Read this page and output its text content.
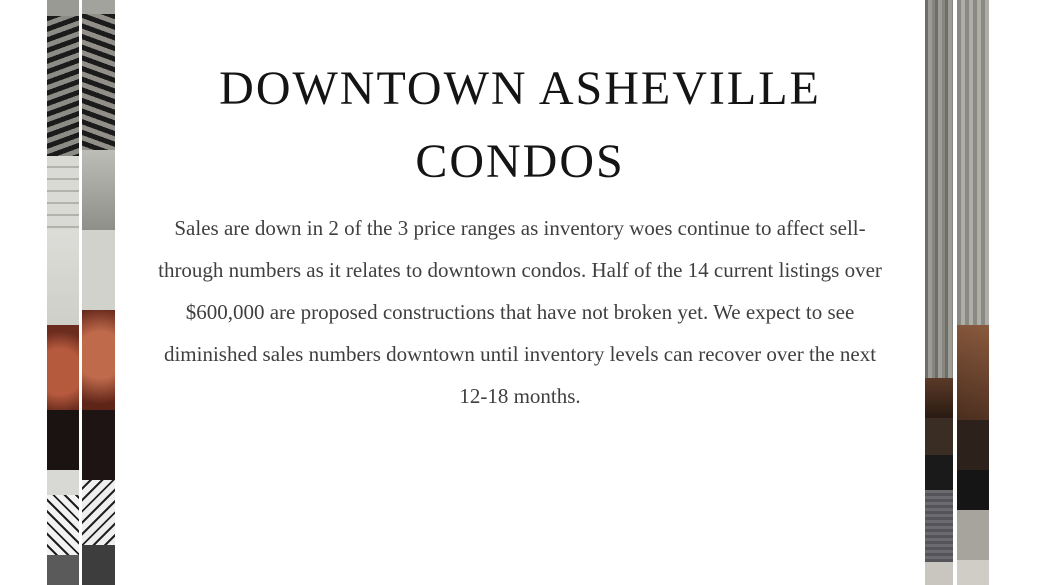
DOWNTOWN ASHEVILLE
CONDOS

Sales are down in 2 of the 3 price ranges as inventory woes continue to affect sell-through numbers as it relates to downtown condos. Half of the 14 current listings over $600,000 are proposed constructions that have not broken yet. We expect to see diminished sales numbers downtown until inventory levels can recover over the next 12-18 months.
